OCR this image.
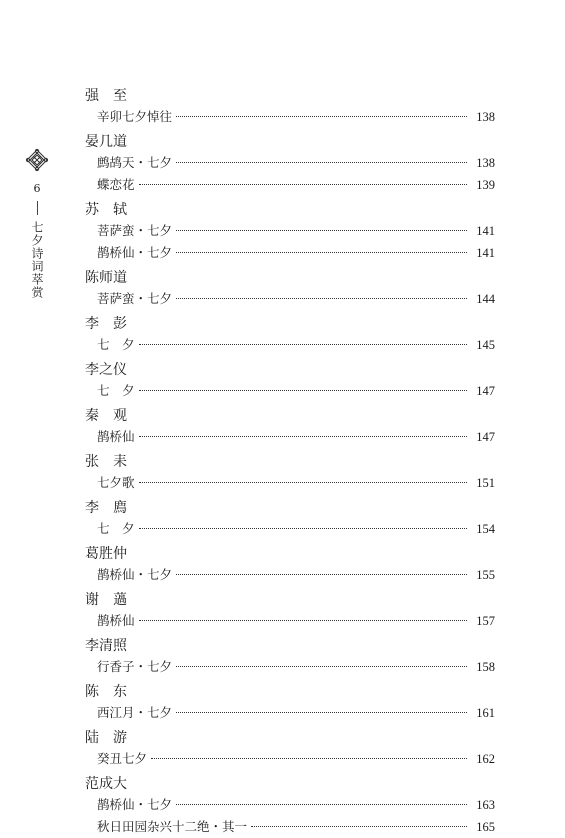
6
七夕诗词萃赏
强　至
辛卯七夕悼往	138
晏几道
鹧鸪天・七夕	138
蝶恋花	139
苏　轼
菩萨蛮・七夕	141
鹊桥仙・七夕	141
陈师道
菩萨蛮・七夕	144
李　彭
七　夕	145
李之仪
七　夕	147
秦　观
鹊桥仙	147
张　耒
七夕歌	151
李　廌
七　夕	154
葛胜仲
鹊桥仙・七夕	155
谢　薖
鹊桥仙	157
李清照
行香子・七夕	158
陈　东
西江月・七夕	161
陆　游
癸丑七夕	162
范成大
鹊桥仙・七夕	163
秋日田园杂兴十二绝・其一	165
